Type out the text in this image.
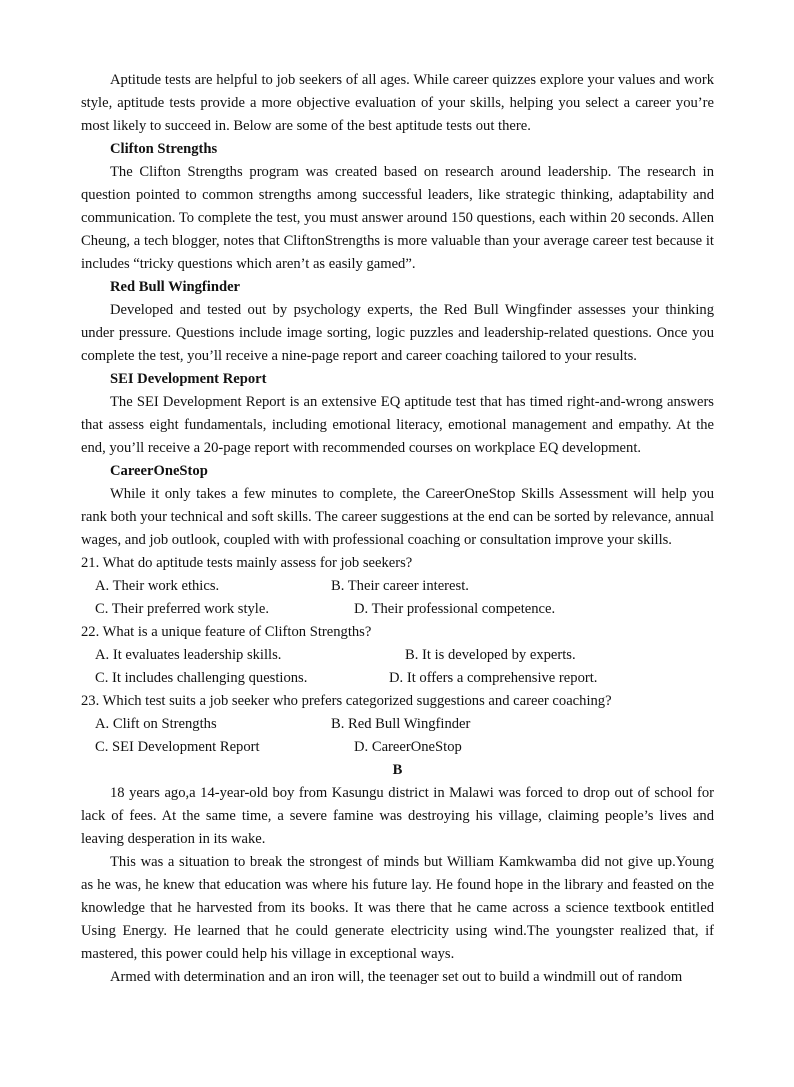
Aptitude tests are helpful to job seekers of all ages. While career quizzes explore your values and work style, aptitude tests provide a more objective evaluation of your skills, helping you select a career you’re most likely to succeed in. Below are some of the best aptitude tests out there.

Clifton Strengths

The Clifton Strengths program was created based on research around leadership. The research in question pointed to common strengths among successful leaders, like strategic thinking, adaptability and communication. To complete the test, you must answer around 150 questions, each within 20 seconds. Allen Cheung, a tech blogger, notes that CliftonStrengths is more valuable than your average career test because it includes “tricky questions which aren’t as easily gamed”.

Red Bull Wingfinder

Developed and tested out by psychology experts, the Red Bull Wingfinder assesses your thinking under pressure. Questions include image sorting, logic puzzles and leadership-related questions. Once you complete the test, you’ll receive a nine-page report and career coaching tailored to your results.

SEI Development Report

The SEI Development Report is an extensive EQ aptitude test that has timed right-and-wrong answers that assess eight fundamentals, including emotional literacy, emotional management and empathy. At the end, you’ll receive a 20-page report with recommended courses on workplace EQ development.

CareerOneStop

While it only takes a few minutes to complete, the CareerOneStop Skills Assessment will help you rank both your technical and soft skills. The career suggestions at the end can be sorted by relevance, annual wages, and job outlook, coupled with with professional coaching or consultation improve your skills.

21. What do aptitude tests mainly assess for job seekers?
A. Their work ethics.	B. Their career interest.
C. Their preferred work style.	D. Their professional competence.
22. What is a unique feature of Clifton Strengths?
A. It evaluates leadership skills.	B. It is developed by experts.
C. It includes challenging questions.	D. It offers a comprehensive report.
23. Which test suits a job seeker who prefers categorized suggestions and career coaching?
A. Clift on Strengths	B. Red Bull Wingfinder
C. SEI Development Report	D. CareerOneStop
B

18 years ago,a 14-year-old boy from Kasungu district in Malawi was forced to drop out of school for lack of fees. At the same time, a severe famine was destroying his village, claiming people’s lives and leaving desperation in its wake.

This was a situation to break the strongest of minds but William Kamkwamba did not give up.Young as he was, he knew that education was where his future lay. He found hope in the library and feasted on the knowledge that he harvested from its books. It was there that he came across a science textbook entitled Using Energy. He learned that he could generate electricity using wind.The youngster realized that, if mastered, this power could help his village in exceptional ways.

Armed with determination and an iron will, the teenager set out to build a windmill out of random
